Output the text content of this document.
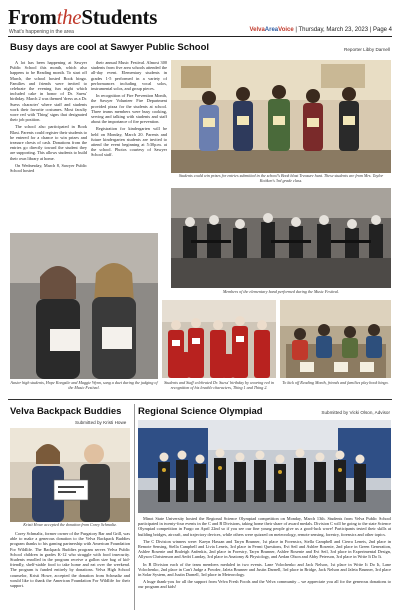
FromtheStudents
What's happening in the area	VelvaAreaVoice | Thursday, March 23, 2023 | Page 4
Busy days are cool at Sawyer Public School	Reporter Libby Darnell

A lot has been happening at Sawyer Public School this month, which also happens to be Reading month. To start off March, the school hosted Book bingo. Families and friends were invited to celebrate the evening fun night which included cake in honor of Dr. Suess' birthday. March 2 was themed 'dress as a Dr. Suess character' where staff and students work their favorite costumes. Most faculty wore red with 'Thing' signs that designated their job position.

The school also participated in Book Blast. Parents could register their students to be entered for a chance to win prizes and treasure chests of cash. Donations from the entries go directly toward the student they are supporting. This allows students to build their own library at home.

On Wednesday, March 8, Sawyer Public School hosted

their annual Music Festival. Almost 300 students from five area schools attended the all-day event. Elementary students in grades 1-5 performed in a variety of performances including vocal solos, instrumental solos, and group pieces.

In recognition of Fire Prevention Month, the Sawyer Volunteer Fire Department provided pizza for the students at school. Three teams members were busy cooking, serving and talking with students and staff about the importance of fire prevention.

Registration for kindergarten will be held on Monday, March 20. Parents and future kindergarten students are invited to attend the event beginning at 5:30p.m. at the school. Photos courtesy of Sawyer School staff.

Students could win prizes for entries submitted in the school's Book blast Treasure hunt. These students are from Mrs. Taylor Kottken's 3rd grade class.
Members of the elementary band performed during the Music Festival.
Aasier high students, Hope Kongslie and Maggie Wynn, sang a duet during the judging of the Music Festival.
Students and Staff celebrated Dr. Suess' birthday by wearing red in recognition of his lovable characters, Thing 1 and Thing 2.
To kick off Reading Month, friends and families play book bingo.
Velva Backpack Buddies
Submitted by Kristi Howe
Kristi Howe accepted the donation from Corey Schmaltz.

Corey Schmaltz, former owner of the Purgatory Bar and Grill, was able to make a generous donation to the Velva Backpack Buddies program thanks to his gaming partnership with American Foundation For Wildlife. The Backpack Buddies program serves Velva Public School children in grades K-12 who struggle with food insecurity. Students enrolled in the program receive a gallon size bag of kid-friendly, shelf-stable food to take home and eat over the weekend. The program is funded entirely by donations. Velva High School counselor, Kristi Howe, accepted the donation from Schmaltz and would like to thank the American Foundation For Wildlife for their support.

Regional Science Olympiad	Submitted by Vicki Olson, Advisor

Minot State University hosted the Regional Science Olympiad competition on Monday, March 13th. Students from Velva Public School participated in twenty-four events in the C and B Divisions, taking home their share of award medals. Division C will be going to the state Science Olympiad competition in Fargo on April 22nd so if you see our fine young people give us a good-luck wave! Participants tested their skills at building bridges, aircraft, and trajectory devices, while others were quizzed on meteorology, remote sensing, forestry, forensics and other topics.

The C Division winners were: Kaeyn Hassan and Taryn Brunner, 1st place in Forensics, Stella Campbell and Cierra Leneis, 2nd place in Remote Sensing, Stella Campbell and Livia Leneis, 3rd place in Fermi Questions, Evi Seil and Ashlee Rosenie, 2nd place in Green Generation, Ashlee Rosenie and Braleigh Anfenkis, 2nd place in Forestry, Taryn Brunner, Ashlee Rosenie and Evi Seil, 3rd place in Experimental Design, Allyson Christenson and Aedri Lunday, 3rd place in Anatomy & Physiology, and Aedan Olson and Abby Peterson, 3rd place in Write It Do It.

In B Division each of the team members medaled in two events. Lane Volochenko and Jack Nelson, 1st place in Write It Do It, Lane Volochenko, 2nd place in Can't Judge a Powder, Jaleta Brunner and Justin Darnell, 3rd place in Bridge, Jack Nelson and Jaleta Brunner, 3rd place in Solar System, and Justin Darnell, 3rd place in Meteorology.

A huge thank-you for all the support from Velva Fresh Foods and the Velva community – we appreciate you all for the generous donations to our program and kids!
